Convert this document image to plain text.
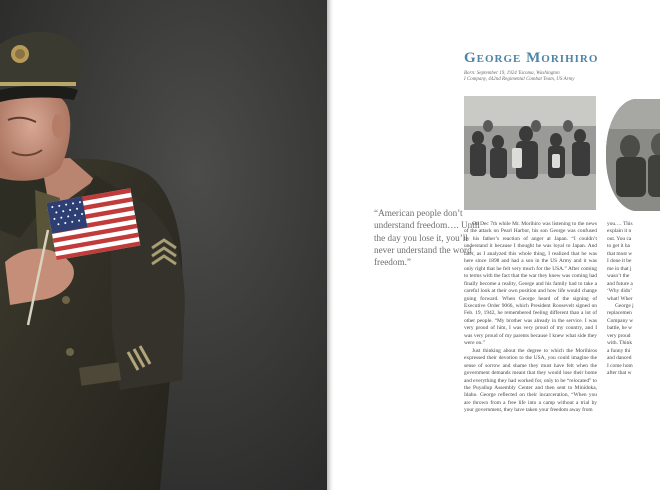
“American people don’t understand freedom…. Until the day you lose it, you’ll never understand the word freedom.”

George Morihiro
Born: September 19, 1924 Tacoma, Washington
I Company, 442nd Regimental Combat Team, US Army

On Dec 7th while Mr. Morihiro was listening to the news of the attack on Pearl Harbor, his son George was confused by his father’s reaction of anger at Japan. “I couldn’t understand it because I thought he was loyal to Japan. And later, as I analyzed this whole thing, I realized that he was here since 1898 and had a son in the US Army and it was only right that he felt very much for the USA.” After coming to terms with the fact that the war they knew was coming had finally become a reality, George and his family had to take a careful look at their own position and how life would change going forward. When George heard of the signing of Executive Order 9066, which President Roosevelt signed on Feb. 19, 1942, he remembered feeling different than a lot of other people. “My brother was already in the service. I was very proud of him, I was very proud of my country, and I was very proud of my parents because I knew what side they were on.”

Just thinking about the degree to which the Morihiros expressed their devotion to the USA, you could imagine the sense of sorrow and shame they must have felt when the government demands meant that they would lose their home and everything they had worked for, only to be “relocated” to the Puyallup Assembly Center and then sent to Minidoka, Idaho. George reflected on their incarceration, “When you are thrown from a free life into a camp without a trial by your government, they have taken your freedom away from

you.… This
explain it n
out. You ca
to get it ba
that most w
I done it be
me in that j
wasn’t the
and future a
‘Why didn’
what! Wher
George j
replacemen
Company w
battle, he w
very proud
with. Think
a funny thi
and danced
I come hom
after that w
